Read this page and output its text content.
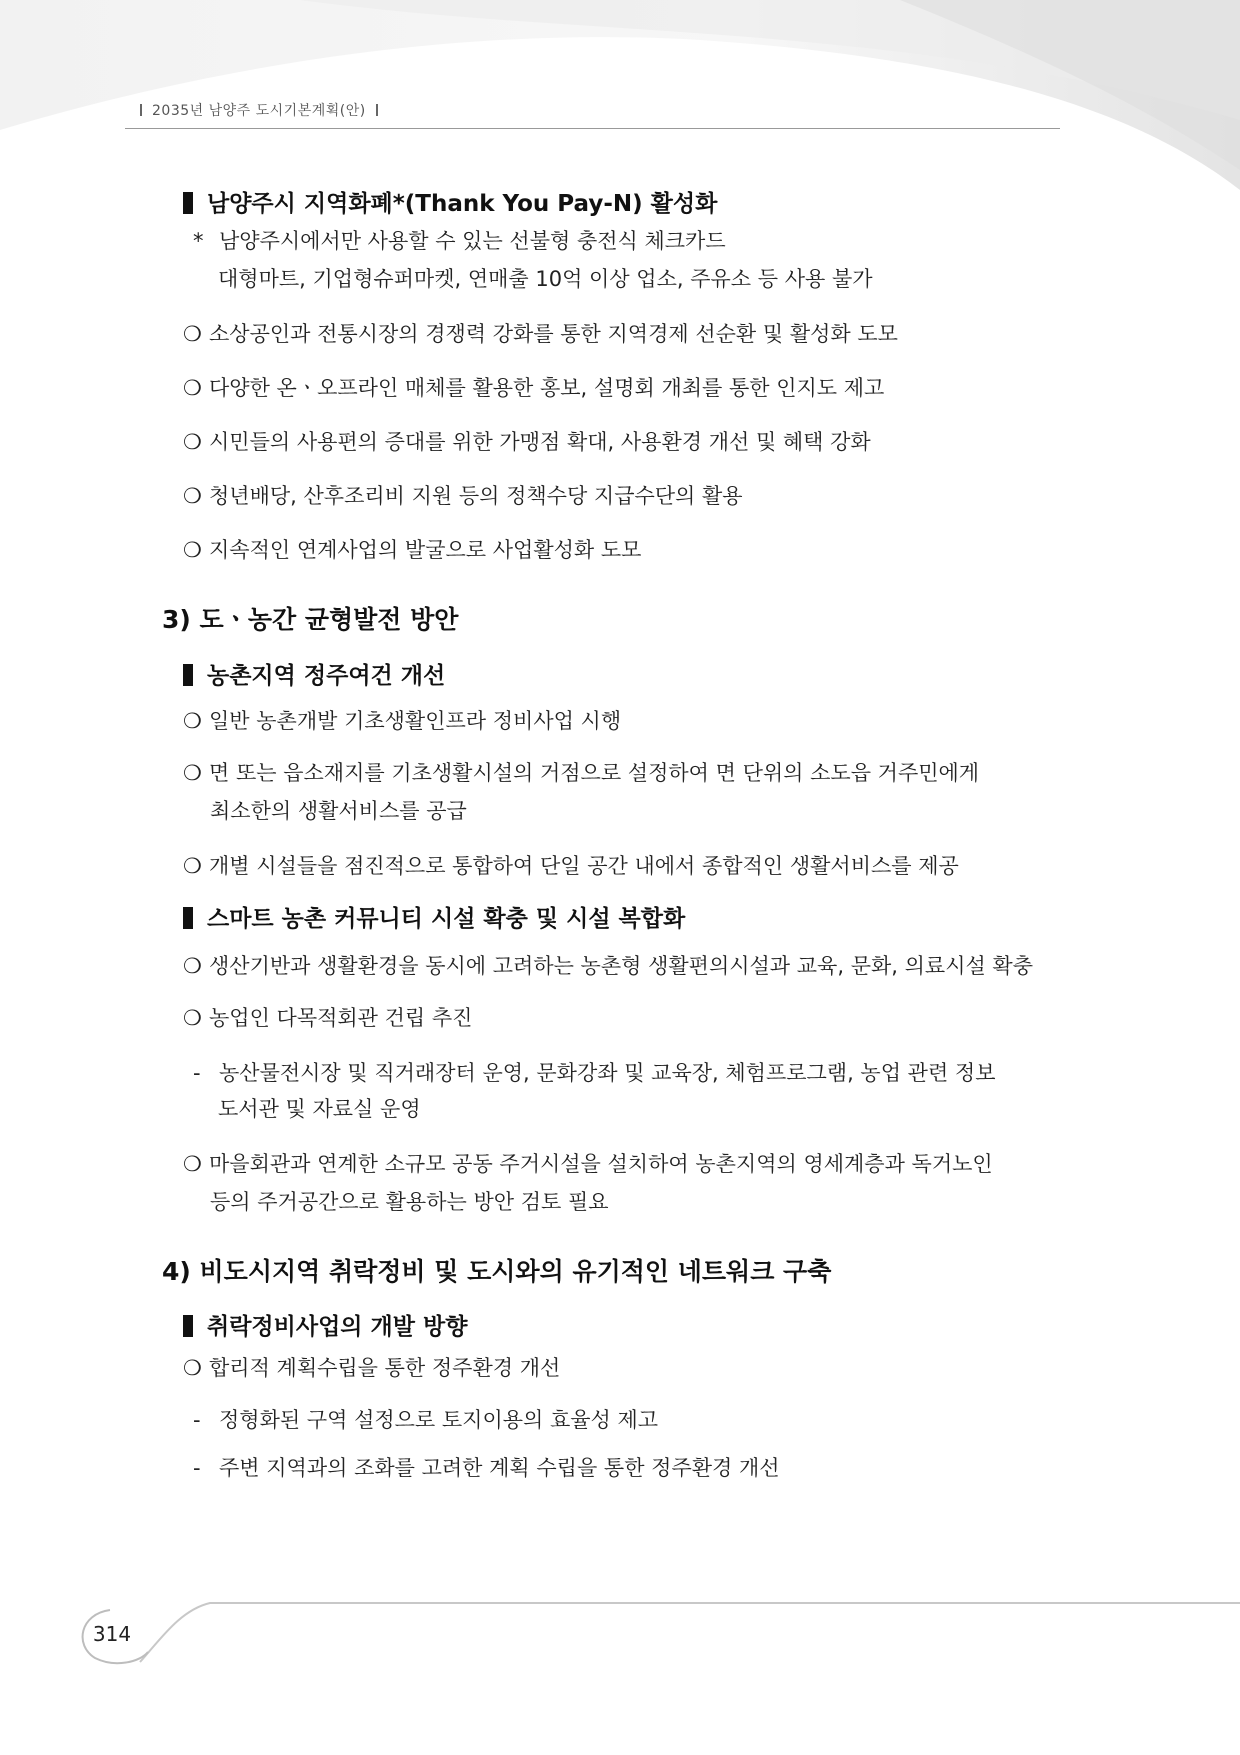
2035년 남양주 도시기본계획(안)
남양주시 지역화폐*(Thank You Pay-N) 활성화
* 남양주시에서만 사용할 수 있는 선불형 충전식 체크카드
대형마트, 기업형슈퍼마켓, 연매출 10억 이상 업소, 주유소 등 사용 불가
❍ 소상공인과 전통시장의 경쟁력 강화를 통한 지역경제 선순환 및 활성화 도모
❍ 다양한 온ㆍ오프라인 매체를 활용한 홍보, 설명회 개최를 통한 인지도 제고
❍ 시민들의 사용편의 증대를 위한 가맹점 확대, 사용환경 개선 및 혜택 강화
❍ 청년배당, 산후조리비 지원 등의 정책수당 지급수단의 활용
❍ 지속적인 연계사업의 발굴으로 사업활성화 도모
3) 도ㆍ농간 균형발전 방안
농촌지역 정주여건 개선
❍ 일반 농촌개발 기초생활인프라 정비사업 시행
❍ 면 또는 읍소재지를 기초생활시설의 거점으로 설정하여 면 단위의 소도읍 거주민에게
최소한의 생활서비스를 공급
❍ 개별 시설들을 점진적으로 통합하여 단일 공간 내에서 종합적인 생활서비스를 제공
스마트 농촌 커뮤니티 시설 확충 및 시설 복합화
❍ 생산기반과 생활환경을 동시에 고려하는 농촌형 생활편의시설과 교육, 문화, 의료시설 확충
❍ 농업인 다목적회관 건립 추진
- 농산물전시장 및 직거래장터 운영, 문화강좌 및 교육장, 체험프로그램, 농업 관련 정보
도서관 및 자료실 운영
❍ 마을회관과 연계한 소규모 공동 주거시설을 설치하여 농촌지역의 영세계층과 독거노인
등의 주거공간으로 활용하는 방안 검토 필요
4) 비도시지역 취락정비 및 도시와의 유기적인 네트워크 구축
취락정비사업의 개발 방향
❍ 합리적 계획수립을 통한 정주환경 개선
- 정형화된 구역 설정으로 토지이용의 효율성 제고
- 주변 지역과의 조화를 고려한 계획 수립을 통한 정주환경 개선
314
